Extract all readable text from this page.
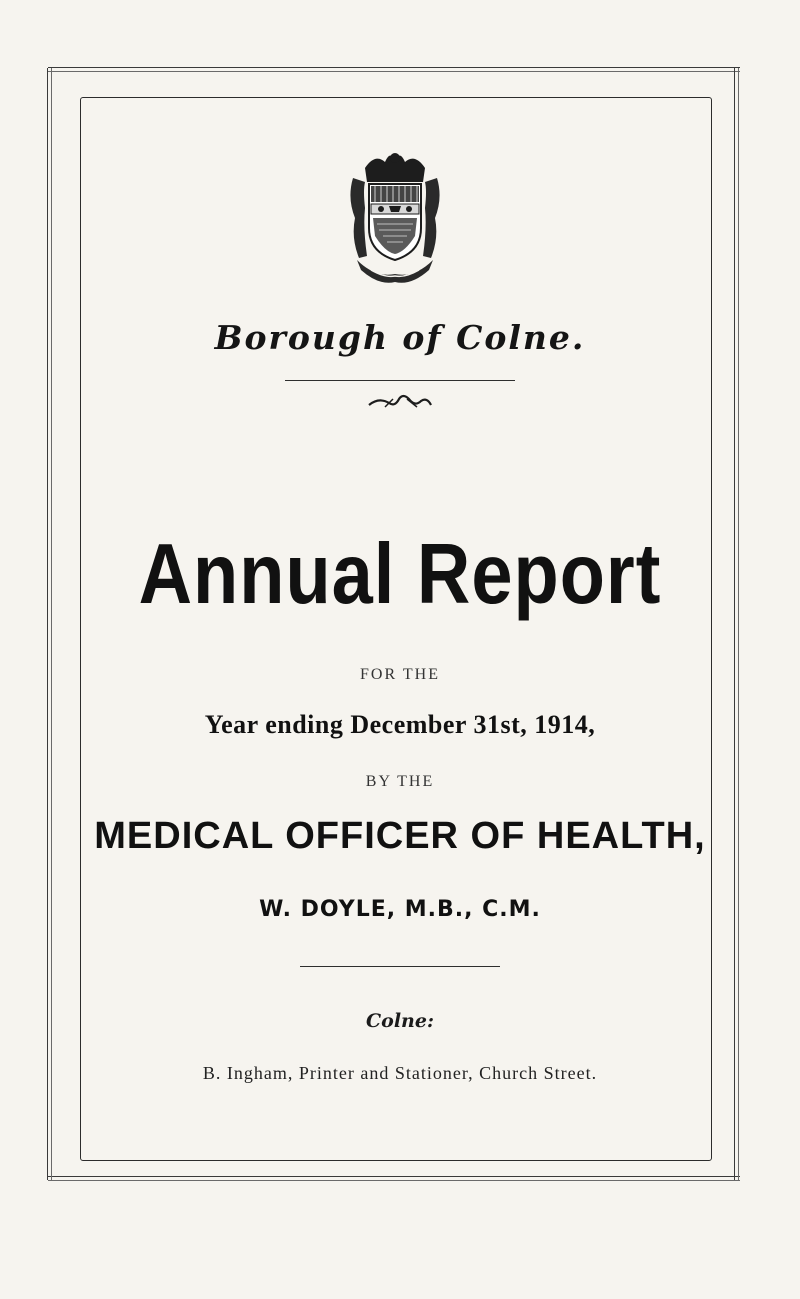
Borough of Colne.
Annual Report
FOR THE
Year ending December 31st, 1914,
BY THE
MEDICAL OFFICER OF HEALTH,
W. DOYLE, M.B., C.M.
Colne:
B. Ingham, Printer and Stationer, Church Street.
